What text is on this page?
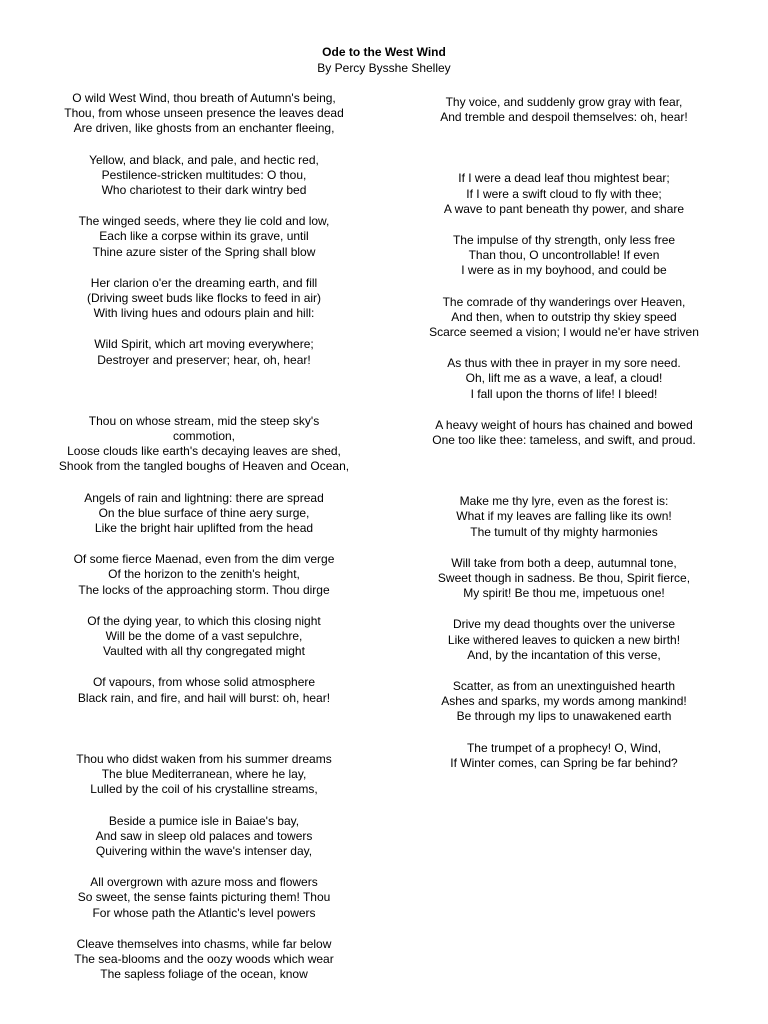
Ode to the West Wind
By Percy Bysshe Shelley
O wild West Wind, thou breath of Autumn's being,
Thou, from whose unseen presence the leaves dead
Are driven, like ghosts from an enchanter fleeing,
Yellow, and black, and pale, and hectic red,
Pestilence-stricken multitudes: O thou,
Who chariotest to their dark wintry bed
The winged seeds, where they lie cold and low,
Each like a corpse within its grave, until
Thine azure sister of the Spring shall blow
Her clarion o'er the dreaming earth, and fill
(Driving sweet buds like flocks to feed in air)
With living hues and odours plain and hill:
Wild Spirit, which art moving everywhere;
Destroyer and preserver; hear, oh, hear!
Thou on whose stream, mid the steep sky's
commotion,
Loose clouds like earth's decaying leaves are shed,
Shook from the tangled boughs of Heaven and Ocean,
Angels of rain and lightning: there are spread
On the blue surface of thine aery surge,
Like the bright hair uplifted from the head
Of some fierce Maenad, even from the dim verge
Of the horizon to the zenith's height,
The locks of the approaching storm. Thou dirge
Of the dying year, to which this closing night
Will be the dome of a vast sepulchre,
Vaulted with all thy congregated might
Of vapours, from whose solid atmosphere
Black rain, and fire, and hail will burst: oh, hear!
Thou who didst waken from his summer dreams
The blue Mediterranean, where he lay,
Lulled by the coil of his crystalline streams,
Beside a pumice isle in Baiae's bay,
And saw in sleep old palaces and towers
Quivering within the wave's intenser day,
All overgrown with azure moss and flowers
So sweet, the sense faints picturing them! Thou
For whose path the Atlantic's level powers
Cleave themselves into chasms, while far below
The sea-blooms and the oozy woods which wear
The sapless foliage of the ocean, know
Thy voice, and suddenly grow gray with fear,
And tremble and despoil themselves: oh, hear!
If I were a dead leaf thou mightest bear;
If I were a swift cloud to fly with thee;
A wave to pant beneath thy power, and share
The impulse of thy strength, only less free
Than thou, O uncontrollable! If even
I were as in my boyhood, and could be
The comrade of thy wanderings over Heaven,
And then, when to outstrip thy skiey speed
Scarce seemed a vision; I would ne'er have striven
As thus with thee in prayer in my sore need.
Oh, lift me as a wave, a leaf, a cloud!
I fall upon the thorns of life! I bleed!
A heavy weight of hours has chained and bowed
One too like thee: tameless, and swift, and proud.
Make me thy lyre, even as the forest is:
What if my leaves are falling like its own!
The tumult of thy mighty harmonies
Will take from both a deep, autumnal tone,
Sweet though in sadness. Be thou, Spirit fierce,
My spirit! Be thou me, impetuous one!
Drive my dead thoughts over the universe
Like withered leaves to quicken a new birth!
And, by the incantation of this verse,
Scatter, as from an unextinguished hearth
Ashes and sparks, my words among mankind!
Be through my lips to unawakened earth
The trumpet of a prophecy! O, Wind,
If Winter comes, can Spring be far behind?
